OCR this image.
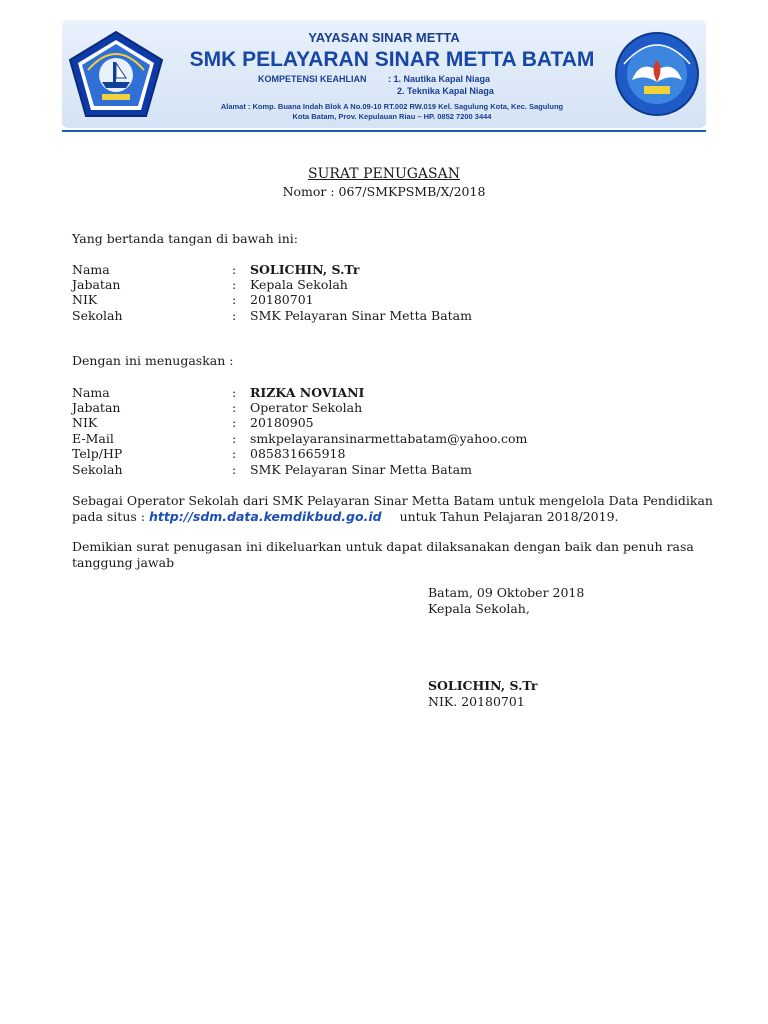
YAYASAN SINAR METTA
SMK PELAYARAN SINAR METTA BATAM
KOMPETENSI KEAHLIAN : 1. Nautika Kapal Niaga
2. Teknika Kapal Niaga
Alamat : Komp. Buana Indah Blok A No.09-10 RT.002 RW.019 Kel. Sagulung Kota, Kec. Sagulung
Kota Batam, Prov. Kepulauan Riau – HP. 0852 7200 3444
SURAT PENUGASAN
Nomor : 067/SMKPSMB/X/2018
Yang bertanda tangan di bawah ini:
Nama	: SOLICHIN, S.Tr
Jabatan	: Kepala Sekolah
NIK	: 20180701
Sekolah	: SMK Pelayaran Sinar Metta Batam
Dengan ini menugaskan :
Nama	: RIZKA NOVIANI
Jabatan	: Operator Sekolah
NIK	: 20180905
E-Mail	: smkpelayaransinarmettabatam@yahoo.com
Telp/HP	: 085831665918
Sekolah	: SMK Pelayaran Sinar Metta Batam
Sebagai Operator Sekolah dari SMK Pelayaran Sinar Metta Batam untuk mengelola Data Pendidikan
pada situs : http://sdm.data.kemdikbud.go.id untuk Tahun Pelajaran 2018/2019.
Demikian surat penugasan ini dikeluarkan untuk dapat dilaksanakan dengan baik dan penuh rasa
tanggung jawab
Batam, 09 Oktober 2018
Kepala Sekolah,
SOLICHIN, S.Tr
NIK. 20180701
